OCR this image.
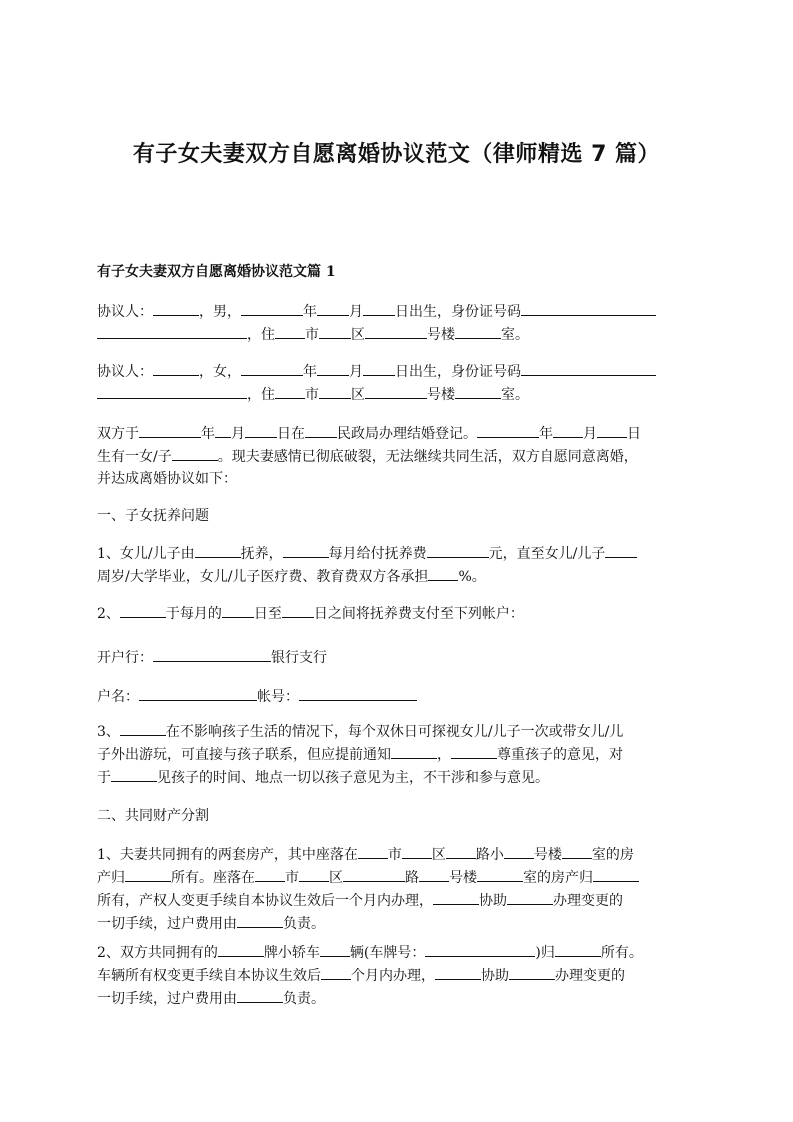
有子女夫妻双方自愿离婚协议范文（律师精选 7 篇）
有子女夫妻双方自愿离婚协议范文篇 1
协议人：	，男，	年 月 日出生，身份证号码
，住 市 区	号楼	室。
协议人：	，女，	年 月 日出生，身份证号码
，住 市 区	号楼	室。
双方于	年 月 日在 民政局办理结婚登记。	年 月 日
生有一女/子	。现夫妻感情已彻底破裂，无法继续共同生活，双方自愿同意离婚，
并达成离婚协议如下：
一、子女抚养问题
1、女儿/儿子由	抚养，	每月给付抚养费	元，直至女儿/儿子
周岁/大学毕业，女儿/儿子医疗费、教育费双方各承担 %。
2、	于每月的 日至 日之间将抚养费支付至下列帐户：
开户行：	银行支行
户名：	帐号：
3、	在不影响孩子生活的情况下，每个双休日可探视女儿/儿子一次或带女儿/儿
子外出游玩，可直接与孩子联系，但应提前通知	，	尊重孩子的意见，对
于	见孩子的时间、地点一切以孩子意见为主，不干涉和参与意见。
二、共同财产分割
1、夫妻共同拥有的两套房产，其中座落在 市 区 路小 号楼 室的房
产归	所有。座落在 市 区	路 号楼	室的房产归
所有，产权人变更手续自本协议生效后一个月内办理，	协助	办理变更的
一切手续，过户费用由	负责。
2、双方共同拥有的	牌小轿车 辆(车牌号：	)归	所有。
车辆所有权变更手续自本协议生效后 个月内办理，	协助	办理变更的
一切手续，过户费用由	负责。
